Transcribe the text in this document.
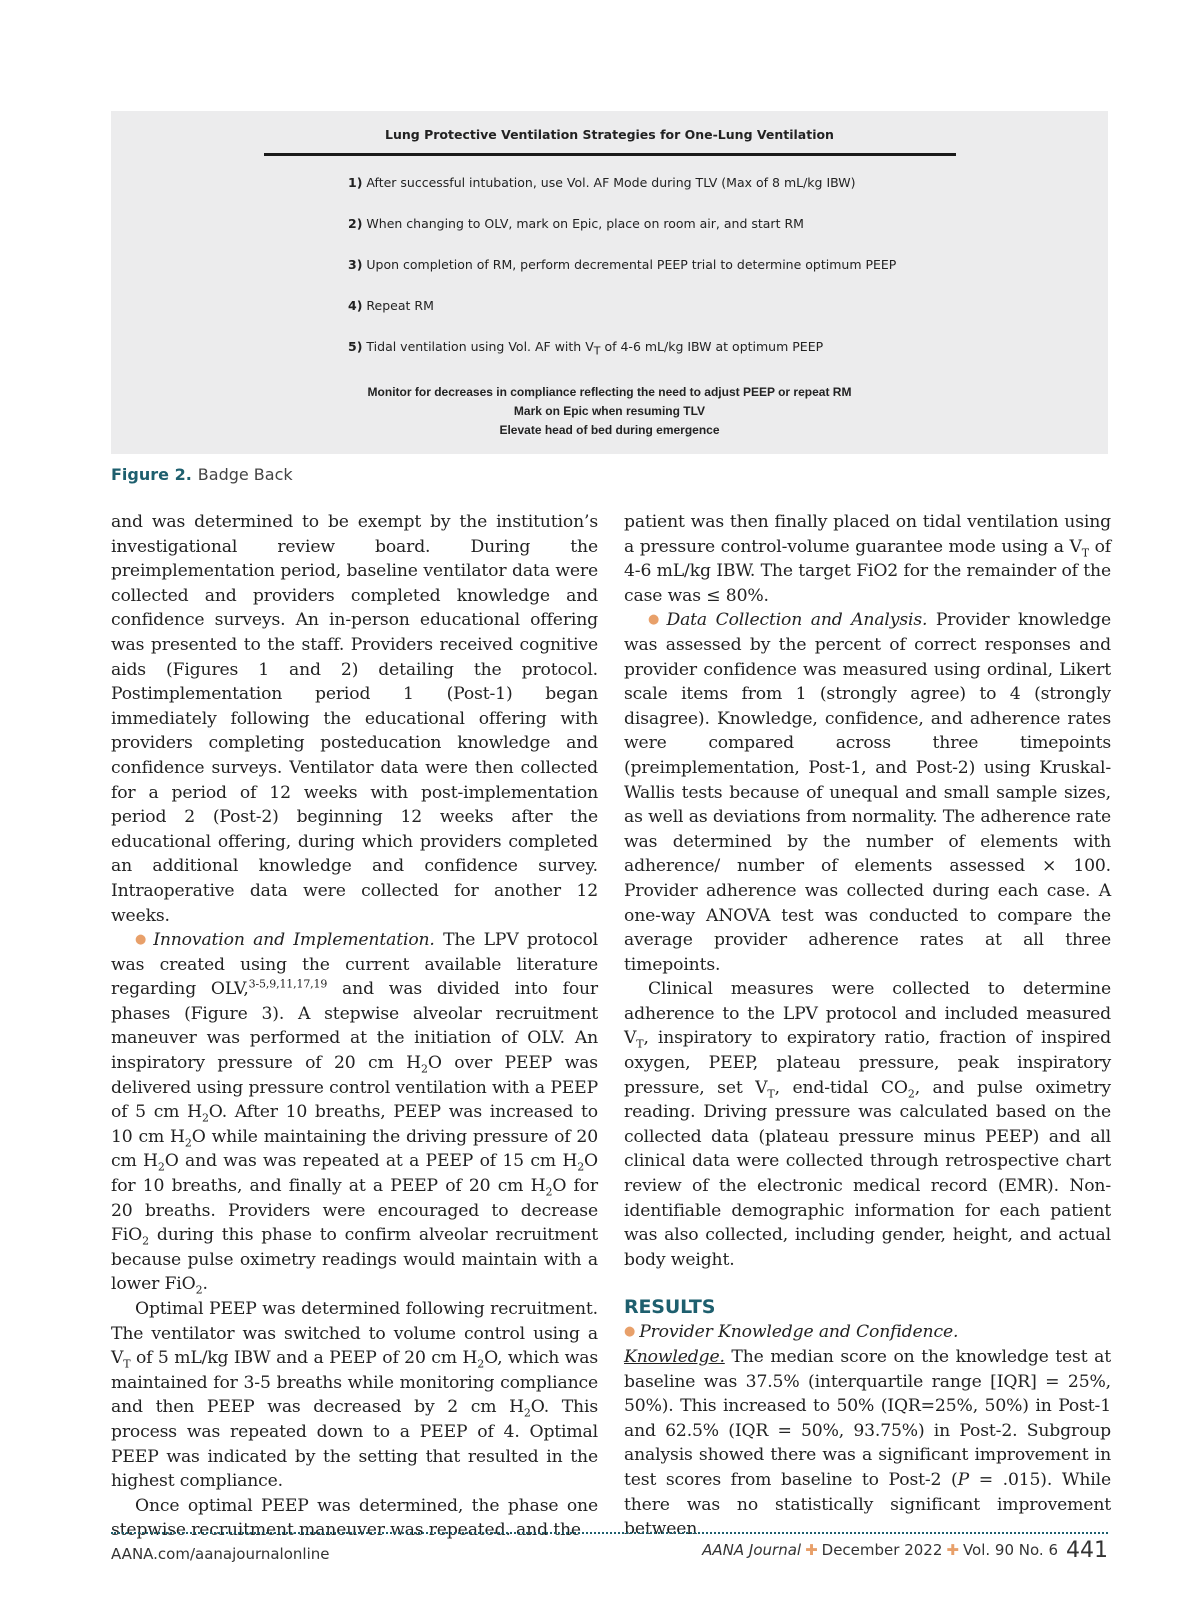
Lung Protective Ventilation Strategies for One-Lung Ventilation
1) After successful intubation, use Vol. AF Mode during TLV (Max of 8 mL/kg IBW)
2) When changing to OLV, mark on Epic, place on room air, and start RM
3) Upon completion of RM, perform decremental PEEP trial to determine optimum PEEP
4) Repeat RM
5) Tidal ventilation using Vol. AF with $V_T$ of 4-6 mL/kg IBW at optimum PEEP
Monitor for decreases in compliance reflecting the need to adjust PEEP or repeat RM
Mark on Epic when resuming TLV
Elevate head of bed during emergence
Figure 2. Badge Back

and was determined to be exempt by the institution’s investigational review board. During the preimplementation period, baseline ventilator data were collected and providers completed knowledge and confidence surveys. An in-person educational offering was presented to the staff. Providers received cognitive aids (Figures 1 and 2) detailing the protocol. Postimplementation period 1 (Post-1) began immediately following the educational offering with providers completing posteducation knowledge and confidence surveys. Ventilator data were then collected for a period of 12 weeks with post-implementation period 2 (Post-2) beginning 12 weeks after the educational offering, during which providers completed an additional knowledge and confidence survey. Intraoperative data were collected for another 12 weeks.

● Innovation and Implementation. The LPV protocol was created using the current available literature regarding OLV,$^{3-5,9,11,17,19}$ and was divided into four phases (Figure 3). A stepwise alveolar recruitment maneuver was performed at the initiation of OLV. An inspiratory pressure of 20 cm $H_2O$ over PEEP was delivered using pressure control ventilation with a PEEP of 5 cm $H_2O$. After 10 breaths, PEEP was increased to 10 cm $H_2O$ while maintaining the driving pressure of 20 cm $H_2O$ and was was repeated at a PEEP of 15 cm $H_2O$ for 10 breaths, and finally at a PEEP of 20 cm $H_2O$ for 20 breaths. Providers were encouraged to decrease FiO$_2$ during this phase to confirm alveolar recruitment because pulse oximetry readings would maintain with a lower FiO$_2$.

Optimal PEEP was determined following recruitment. The ventilator was switched to volume control using a $V_T$ of 5 mL/kg IBW and a PEEP of 20 cm $H_2O$, which was maintained for 3-5 breaths while monitoring compliance and then PEEP was decreased by 2 cm $H_2O$. This process was repeated down to a PEEP of 4. Optimal PEEP was indicated by the setting that resulted in the highest compliance.

Once optimal PEEP was determined, the phase one stepwise recruitment maneuver was repeated. and the

patient was then finally placed on tidal ventilation using a pressure control-volume guarantee mode using a $V_T$ of 4-6 mL/kg IBW. The target FiO2 for the remainder of the case was ≤ 80%.

● Data Collection and Analysis. Provider knowledge was assessed by the percent of correct responses and provider confidence was measured using ordinal, Likert scale items from 1 (strongly agree) to 4 (strongly disagree). Knowledge, confidence, and adherence rates were compared across three timepoints (preimplementation, Post-1, and Post-2) using Kruskal-Wallis tests because of unequal and small sample sizes, as well as deviations from normality. The adherence rate was determined by the number of elements with adherence/ number of elements assessed × 100. Provider adherence was collected during each case. A one-way ANOVA test was conducted to compare the average provider adherence rates at all three timepoints.

Clinical measures were collected to determine adherence to the LPV protocol and included measured $V_T$, inspiratory to expiratory ratio, fraction of inspired oxygen, PEEP, plateau pressure, peak inspiratory pressure, set $V_T$, end-tidal $CO_2$, and pulse oximetry reading. Driving pressure was calculated based on the collected data (plateau pressure minus PEEP) and all clinical data were collected through retrospective chart review of the electronic medical record (EMR). Non-identifiable demographic information for each patient was also collected, including gender, height, and actual body weight.

RESULTS

● Provider Knowledge and Confidence.

Knowledge. The median score on the knowledge test at baseline was 37.5% (interquartile range [IQR] = 25%, 50%). This increased to 50% (IQR=25%, 50%) in Post-1 and 62.5% (IQR = 50%, 93.75%) in Post-2. Subgroup analysis showed there was a significant improvement in test scores from baseline to Post-2 (P = .015). While there was no statistically significant improvement between

AANA.com/aanajournalonline	AANA Journal ✚ December 2022 ✚ Vol. 90 No. 6 441
